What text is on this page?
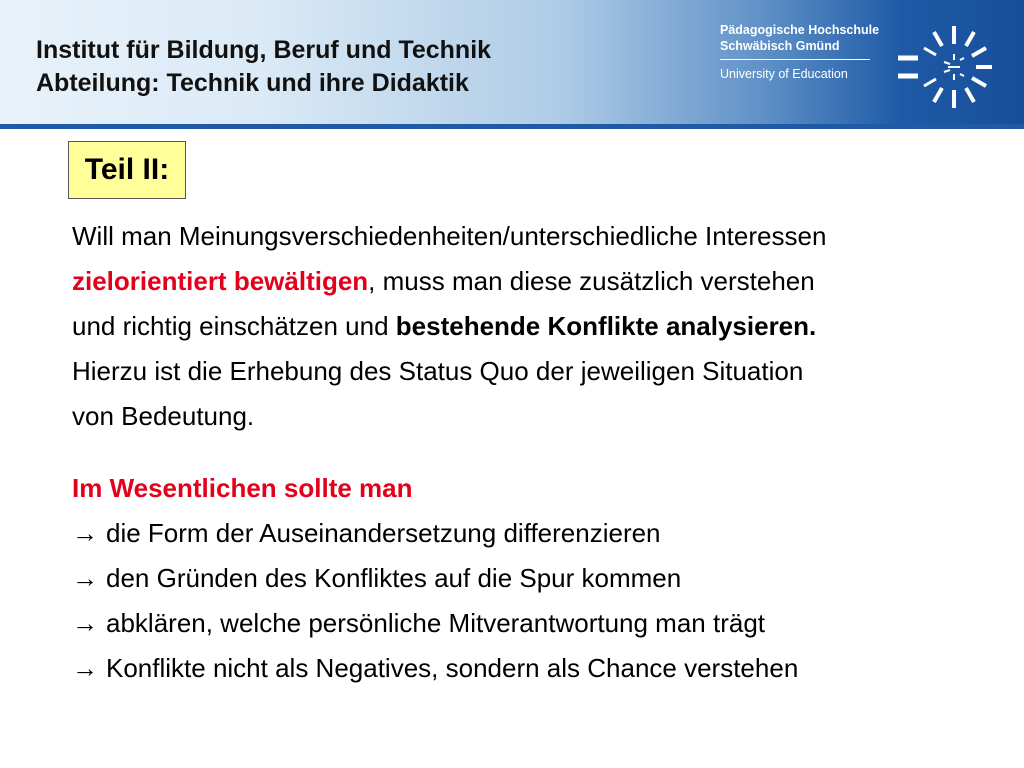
Institut für Bildung, Beruf und Technik
Abteilung: Technik und ihre Didaktik
Pädagogische Hochschule
Schwäbisch Gmünd
University of Education
Teil II:
Will man Meinungsverschiedenheiten/unterschiedliche Interessen
zielorientiert bewältigen, muss man diese zusätzlich verstehen
und richtig einschätzen und bestehende Konflikte analysieren.
Hierzu ist die Erhebung des Status Quo der jeweiligen Situation
von Bedeutung.
Im Wesentlichen sollte man
→ die Form der Auseinandersetzung differenzieren
→ den Gründen des Konfliktes auf die Spur kommen
→ abklären, welche persönliche Mitverantwortung man trägt
→ Konflikte nicht als Negatives, sondern als Chance verstehen
